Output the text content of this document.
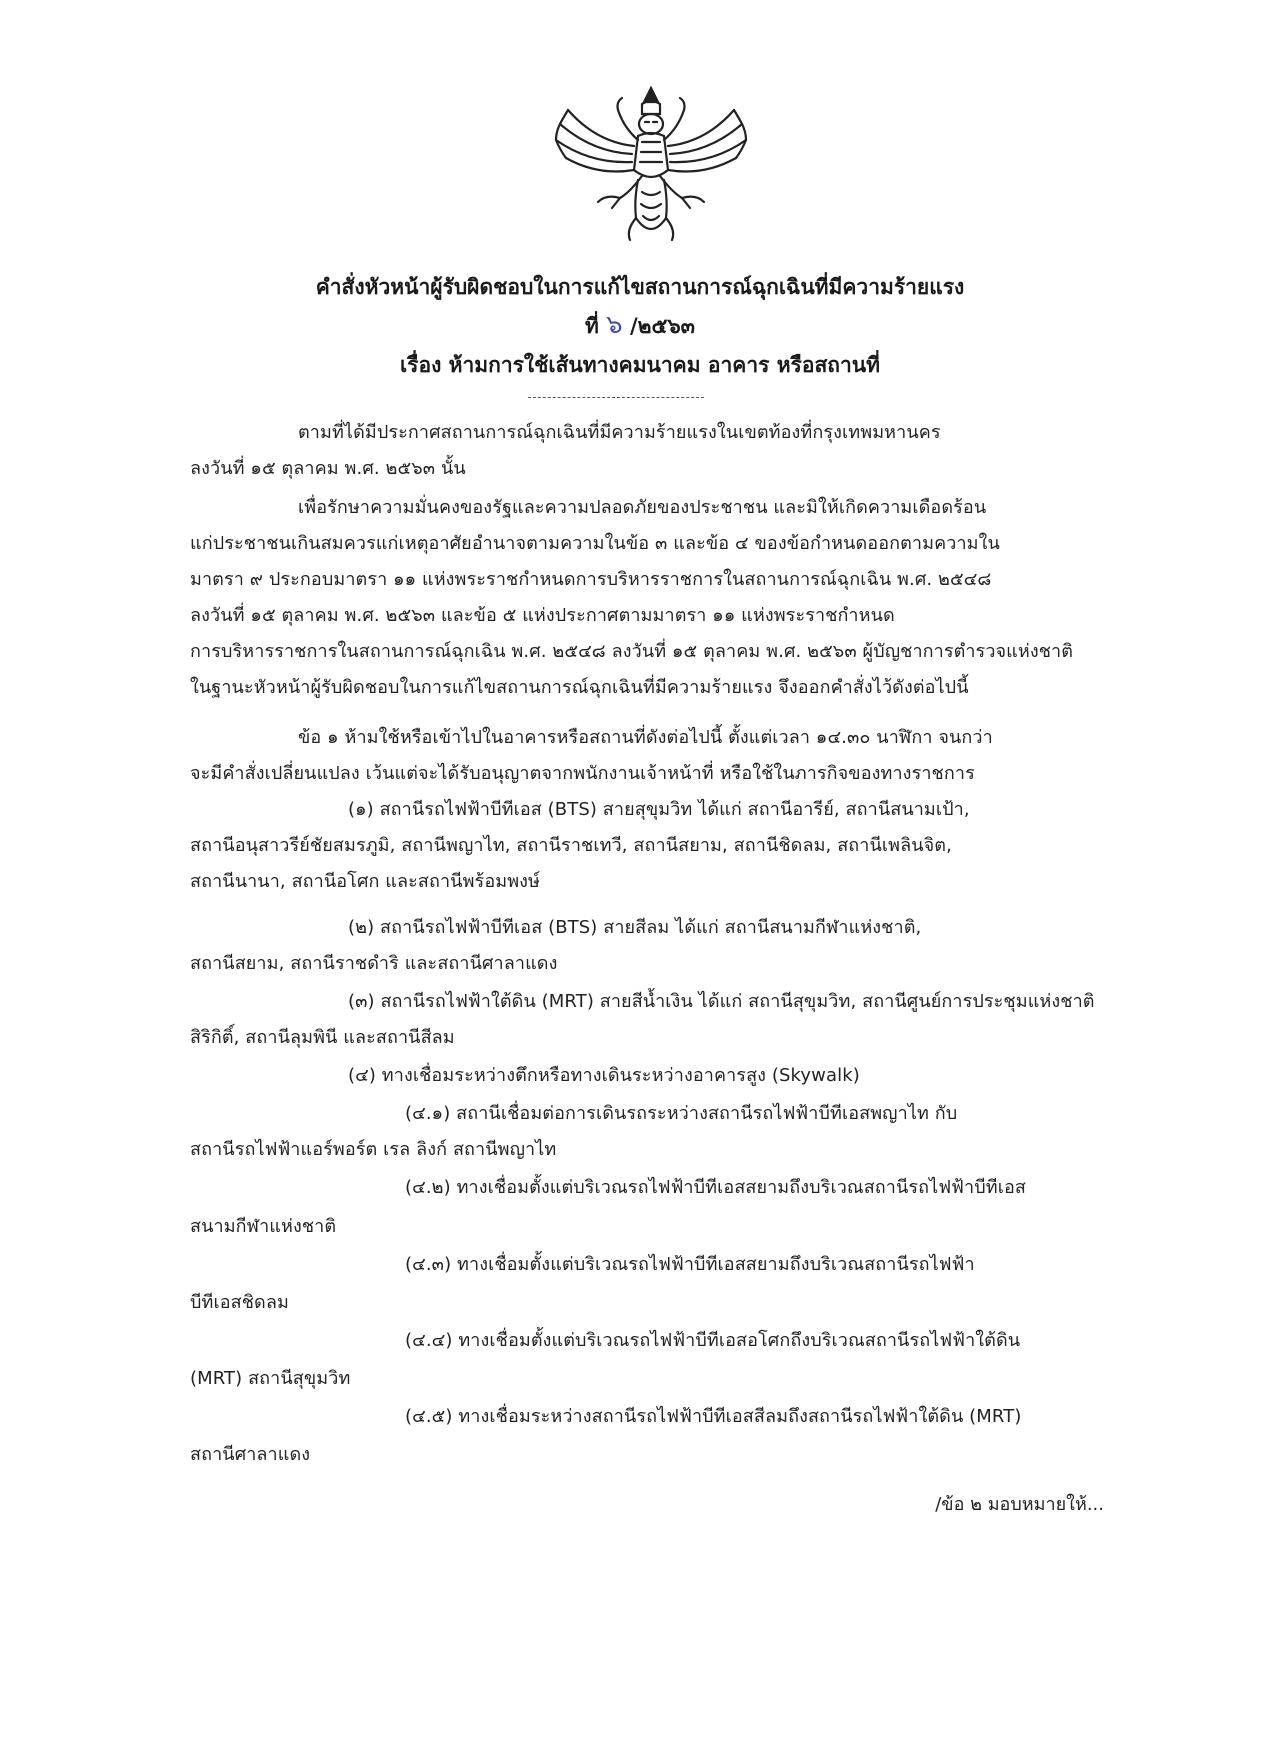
คำสั่งหัวหน้าผู้รับผิดชอบในการแก้ไขสถานการณ์ฉุกเฉินที่มีความร้ายแรง
ที่ ๖ /๒๕๖๓
เรื่อง ห้ามการใช้เส้นทางคมนาคม อาคาร หรือสถานที่
ตามที่ได้มีประกาศสถานการณ์ฉุกเฉินที่มีความร้ายแรงในเขตท้องที่กรุงเทพมหานคร
ลงวันที่ ๑๕ ตุลาคม พ.ศ. ๒๕๖๓ นั้น
เพื่อรักษาความมั่นคงของรัฐและความปลอดภัยของประชาชน และมิให้เกิดความเดือดร้อน
แก่ประชาชนเกินสมควรแก่เหตุอาศัยอำนาจตามความในข้อ ๓ และข้อ ๔ ของข้อกำหนดออกตามความใน
มาตรา ๙ ประกอบมาตรา ๑๑ แห่งพระราชกำหนดการบริหารราชการในสถานการณ์ฉุกเฉิน พ.ศ. ๒๕๔๘
ลงวันที่ ๑๕ ตุลาคม พ.ศ. ๒๕๖๓ และข้อ ๕ แห่งประกาศตามมาตรา ๑๑ แห่งพระราชกำหนด
การบริหารราชการในสถานการณ์ฉุกเฉิน พ.ศ. ๒๕๔๘ ลงวันที่ ๑๕ ตุลาคม พ.ศ. ๒๕๖๓ ผู้บัญชาการตำรวจแห่งชาติ
ในฐานะหัวหน้าผู้รับผิดชอบในการแก้ไขสถานการณ์ฉุกเฉินที่มีความร้ายแรง จึงออกคำสั่งไว้ดังต่อไปนี้
ข้อ ๑ ห้ามใช้หรือเข้าไปในอาคารหรือสถานที่ดังต่อไปนี้ ตั้งแต่เวลา ๑๔.๓๐ นาฬิกา จนกว่า
จะมีคำสั่งเปลี่ยนแปลง เว้นแต่จะได้รับอนุญาตจากพนักงานเจ้าหน้าที่ หรือใช้ในภารกิจของทางราชการ
(๑) สถานีรถไฟฟ้าบีทีเอส (BTS) สายสุขุมวิท ได้แก่ สถานีอารีย์, สถานีสนามเป้า,
สถานีอนุสาวรีย์ชัยสมรภูมิ, สถานีพญาไท, สถานีราชเทวี, สถานีสยาม, สถานีชิดลม, สถานีเพลินจิต,
สถานีนานา, สถานีอโศก และสถานีพร้อมพงษ์
(๒) สถานีรถไฟฟ้าบีทีเอส (BTS) สายสีลม ได้แก่ สถานีสนามกีฬาแห่งชาติ,
สถานีสยาม, สถานีราชดำริ และสถานีศาลาแดง
(๓) สถานีรถไฟฟ้าใต้ดิน (MRT) สายสีน้ำเงิน ได้แก่ สถานีสุขุมวิท, สถานีศูนย์การประชุมแห่งชาติ
สิริกิติ์, สถานีลุมพินี และสถานีสีลม
(๔) ทางเชื่อมระหว่างตึกหรือทางเดินระหว่างอาคารสูง (Skywalk)
(๔.๑) สถานีเชื่อมต่อการเดินรถระหว่างสถานีรถไฟฟ้าบีทีเอสพญาไท กับ
สถานีรถไฟฟ้าแอร์พอร์ต เรล ลิงก์ สถานีพญาไท
(๔.๒) ทางเชื่อมตั้งแต่บริเวณรถไฟฟ้าบีทีเอสสยามถึงบริเวณสถานีรถไฟฟ้าบีทีเอส
สนามกีฬาแห่งชาติ
(๔.๓) ทางเชื่อมตั้งแต่บริเวณรถไฟฟ้าบีทีเอสสยามถึงบริเวณสถานีรถไฟฟ้า
บีทีเอสชิดลม
(๔.๔) ทางเชื่อมตั้งแต่บริเวณรถไฟฟ้าบีทีเอสอโศกถึงบริเวณสถานีรถไฟฟ้าใต้ดิน
(MRT) สถานีสุขุมวิท
(๔.๕) ทางเชื่อมระหว่างสถานีรถไฟฟ้าบีทีเอสสีลมถึงสถานีรถไฟฟ้าใต้ดิน (MRT)
สถานีศาลาแดง
/ข้อ ๒ มอบหมายให้...
